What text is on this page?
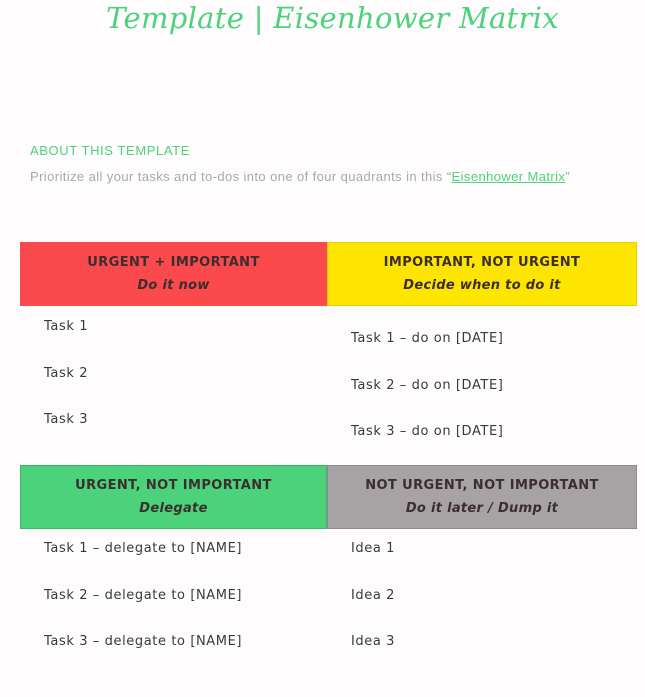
Template | Eisenhower Matrix

ABOUT THIS TEMPLATE

Prioritize all your tasks and to-dos into one of four quadrants in this “Eisenhower Matrix”

URGENT + IMPORTANT
Do it now
Task 1
Task 2
Task 3
IMPORTANT, NOT URGENT
Decide when to do it
Task 1 – do on [DATE]
Task 2 – do on [DATE]
Task 3 – do on [DATE]
URGENT, NOT IMPORTANT
Delegate
Task 1 – delegate to [NAME]
Task 2 – delegate to [NAME]
Task 3 – delegate to [NAME]
NOT URGENT, NOT IMPORTANT
Do it later / Dump it
Idea 1
Idea 2
Idea 3
